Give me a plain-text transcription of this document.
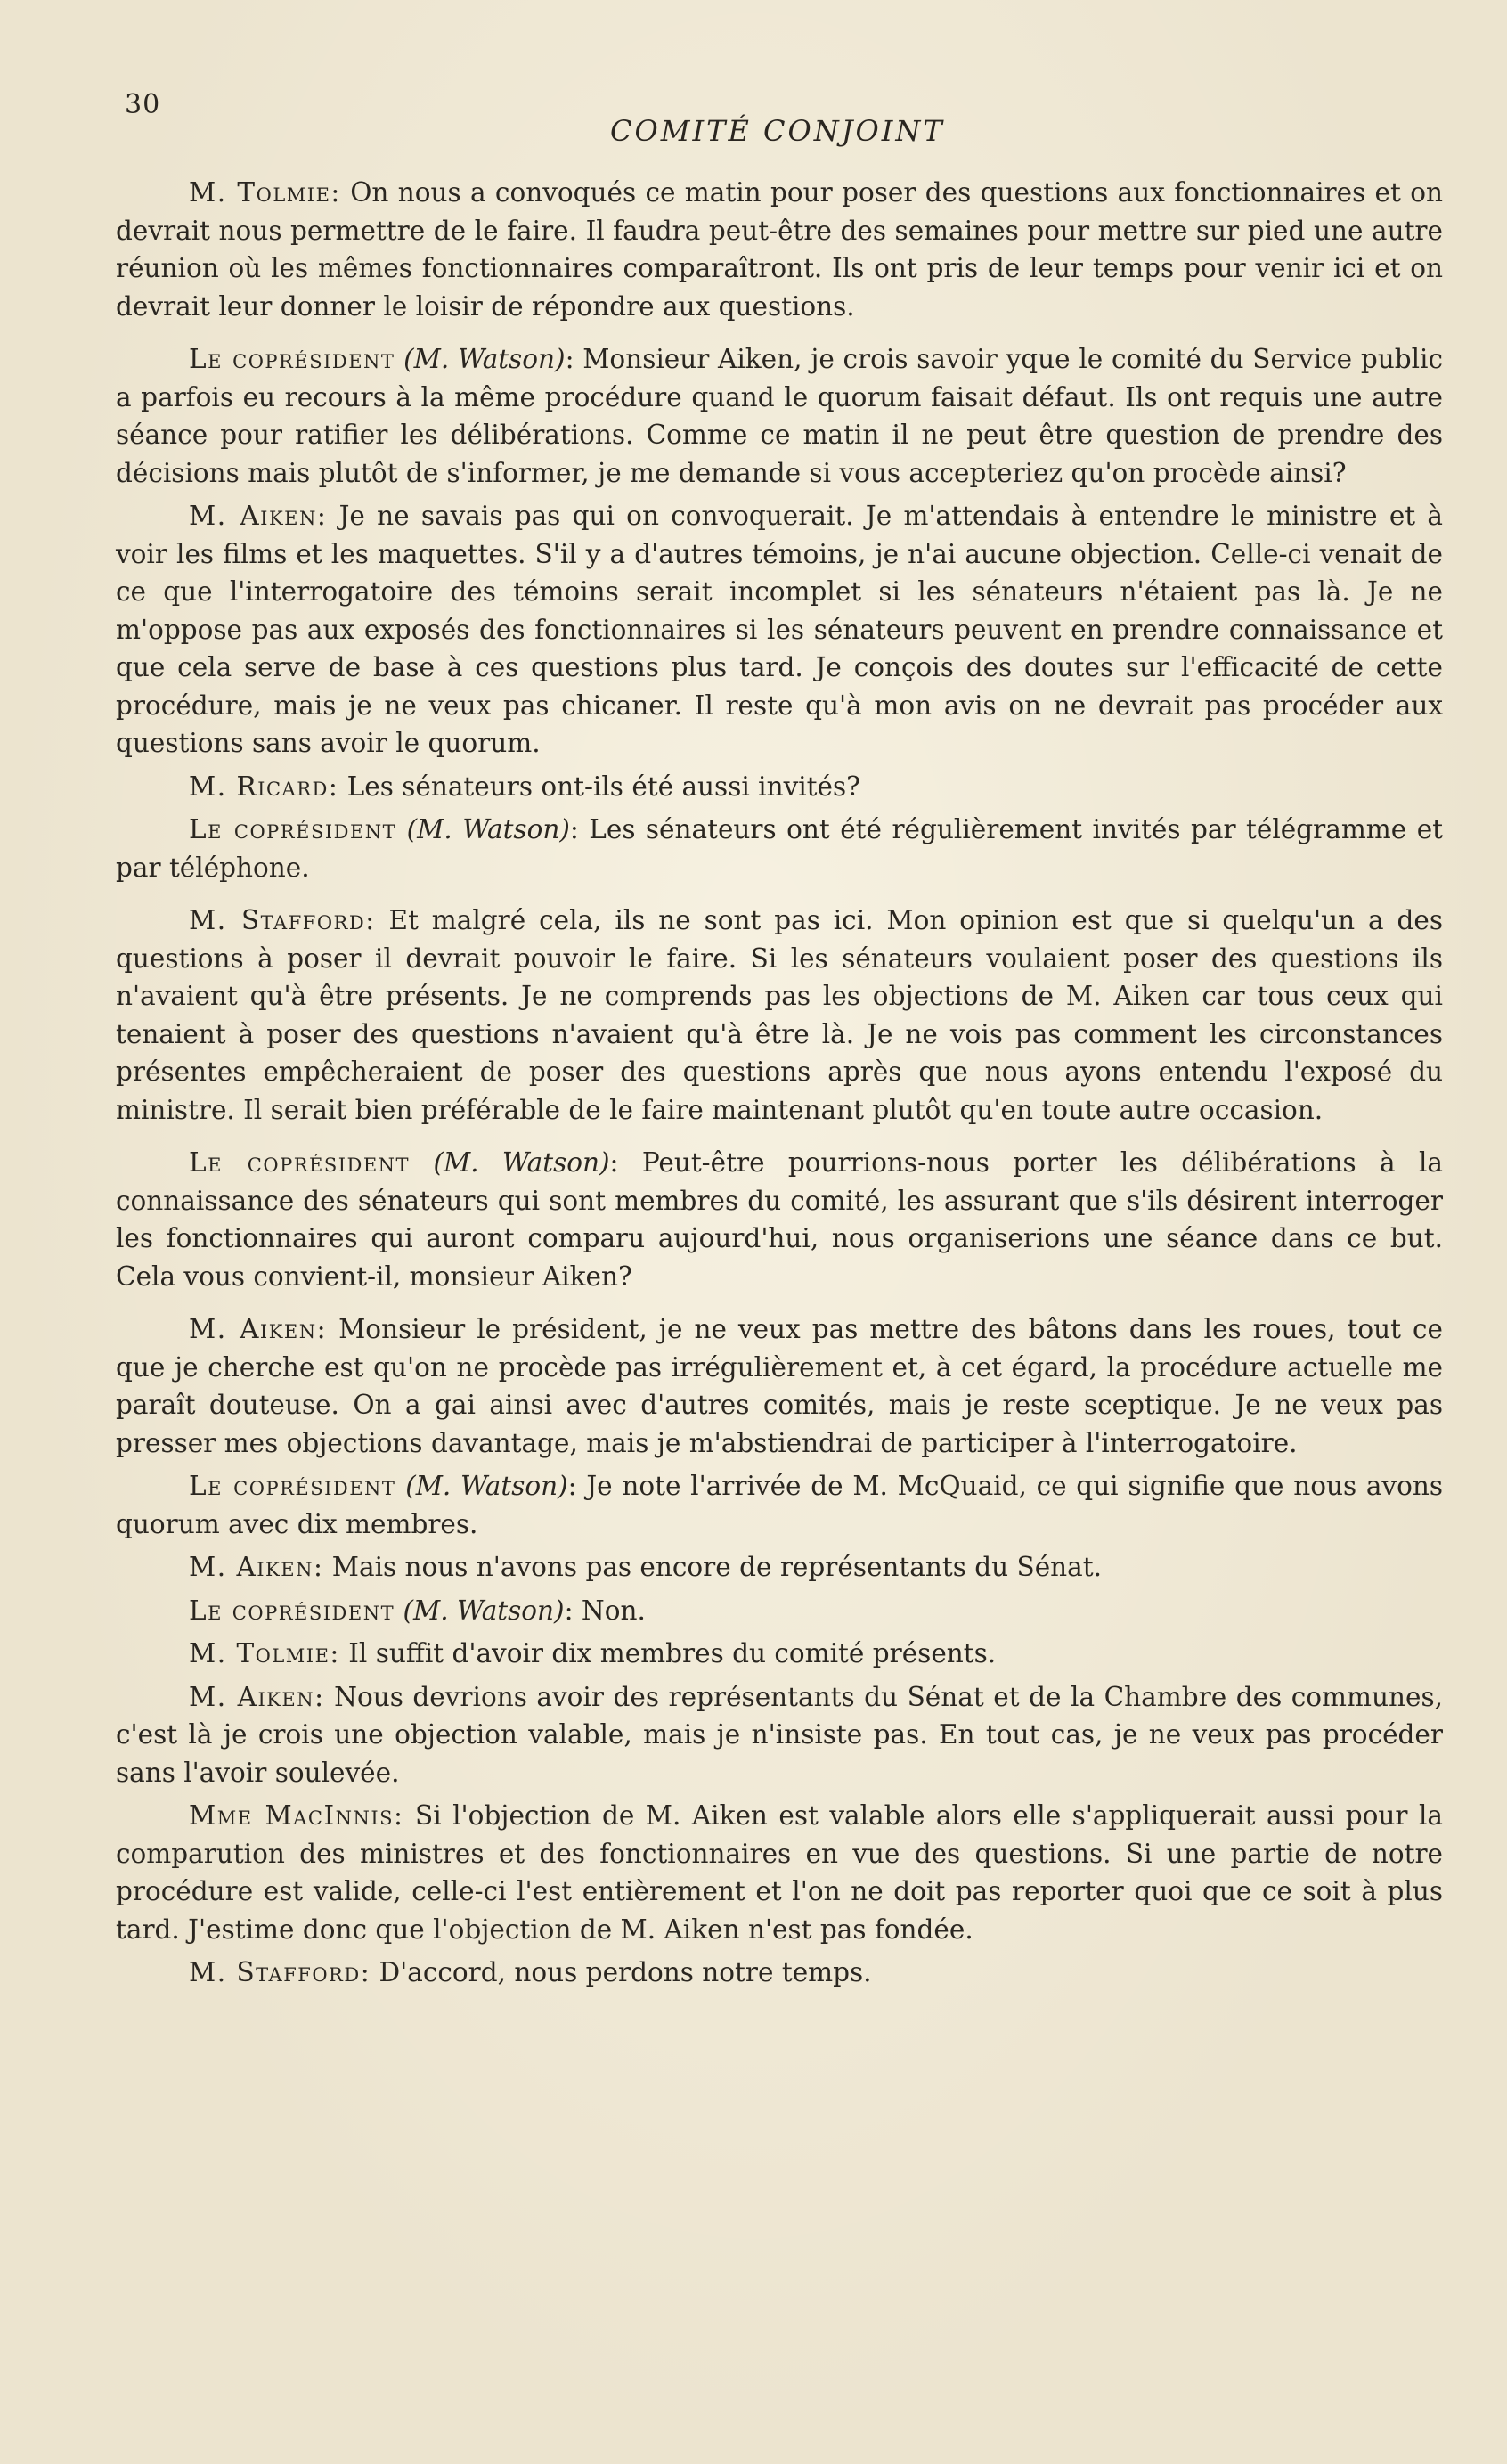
30
COMITÉ CONJOINT

M. Tolmie: On nous a convoqués ce matin pour poser des questions aux fonctionnaires et on devrait nous permettre de le faire. Il faudra peut-être des semaines pour mettre sur pied une autre réunion où les mêmes fonctionnaires comparaîtront. Ils ont pris de leur temps pour venir ici et on devrait leur donner le loisir de répondre aux questions.

Le coprésident (M. Watson): Monsieur Aiken, je crois savoir yque le comité du Service public a parfois eu recours à la même procédure quand le quorum faisait défaut. Ils ont requis une autre séance pour ratifier les délibérations. Comme ce matin il ne peut être question de prendre des décisions mais plutôt de s'informer, je me demande si vous accepteriez qu'on procède ainsi?

M. Aiken: Je ne savais pas qui on convoquerait. Je m'attendais à entendre le ministre et à voir les films et les maquettes. S'il y a d'autres témoins, je n'ai aucune objection. Celle-ci venait de ce que l'interrogatoire des témoins serait incomplet si les sénateurs n'étaient pas là. Je ne m'oppose pas aux exposés des fonctionnaires si les sénateurs peuvent en prendre connaissance et que cela serve de base à ces questions plus tard. Je conçois des doutes sur l'efficacité de cette procédure, mais je ne veux pas chicaner. Il reste qu'à mon avis on ne devrait pas procéder aux questions sans avoir le quorum.

M. Ricard: Les sénateurs ont-ils été aussi invités?

Le coprésident (M. Watson): Les sénateurs ont été régulièrement invités par télégramme et par téléphone.

M. Stafford: Et malgré cela, ils ne sont pas ici. Mon opinion est que si quelqu'un a des questions à poser il devrait pouvoir le faire. Si les sénateurs voulaient poser des questions ils n'avaient qu'à être présents. Je ne comprends pas les objections de M. Aiken car tous ceux qui tenaient à poser des questions n'avaient qu'à être là. Je ne vois pas comment les circonstances présentes empêcheraient de poser des questions après que nous ayons entendu l'exposé du ministre. Il serait bien préférable de le faire maintenant plutôt qu'en toute autre occasion.

Le coprésident (M. Watson): Peut-être pourrions-nous porter les délibérations à la connaissance des sénateurs qui sont membres du comité, les assurant que s'ils désirent interroger les fonctionnaires qui auront comparu aujourd'hui, nous organiserions une séance dans ce but. Cela vous convient-il, monsieur Aiken?

M. Aiken: Monsieur le président, je ne veux pas mettre des bâtons dans les roues, tout ce que je cherche est qu'on ne procède pas irrégulièrement et, à cet égard, la procédure actuelle me paraît douteuse. On a gai ainsi avec d'autres comités, mais je reste sceptique. Je ne veux pas presser mes objections davantage, mais je m'abstiendrai de participer à l'interrogatoire.

Le coprésident (M. Watson): Je note l'arrivée de M. McQuaid, ce qui signifie que nous avons quorum avec dix membres.

M. Aiken: Mais nous n'avons pas encore de représentants du Sénat.

Le coprésident (M. Watson): Non.

M. Tolmie: Il suffit d'avoir dix membres du comité présents.

M. Aiken: Nous devrions avoir des représentants du Sénat et de la Chambre des communes, c'est là je crois une objection valable, mais je n'insiste pas. En tout cas, je ne veux pas procéder sans l'avoir soulevée.

Mme MacInnis: Si l'objection de M. Aiken est valable alors elle s'appliquerait aussi pour la comparution des ministres et des fonctionnaires en vue des questions. Si une partie de notre procédure est valide, celle-ci l'est entièrement et l'on ne doit pas reporter quoi que ce soit à plus tard. J'estime donc que l'objection de M. Aiken n'est pas fondée.

M. Stafford: D'accord, nous perdons notre temps.
